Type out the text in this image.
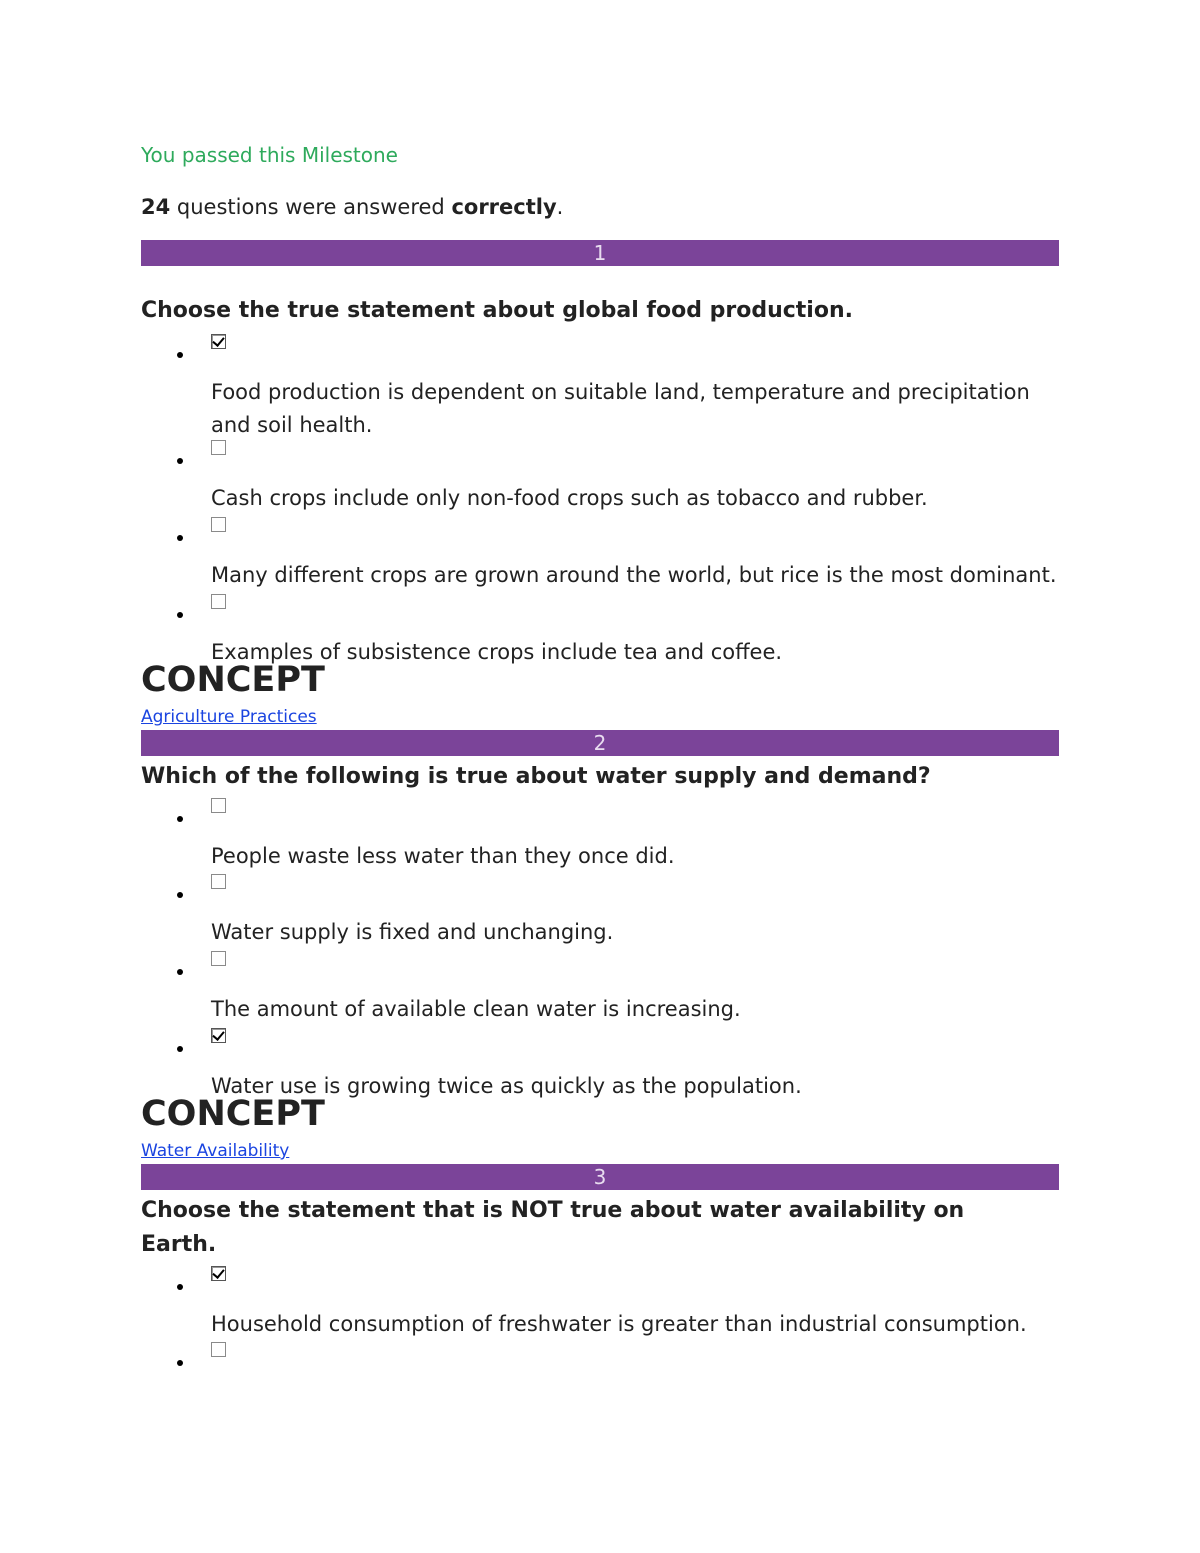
You passed this Milestone

24 questions were answered correctly.
1

Choose the true statement about global food production.

Food production is dependent on suitable land, temperature and precipitation and soil health.
Cash crops include only non-food crops such as tobacco and rubber.
Many different crops are grown around the world, but rice is the most dominant.
Examples of subsistence crops include tea and coffee.

CONCEPT

Agriculture Practices
2

Which of the following is true about water supply and demand?

People waste less water than they once did.
Water supply is fixed and unchanging.
The amount of available clean water is increasing.
Water use is growing twice as quickly as the population.

CONCEPT

Water Availability
3

Choose the statement that is NOT true about water availability on Earth.

Household consumption of freshwater is greater than industrial consumption.
